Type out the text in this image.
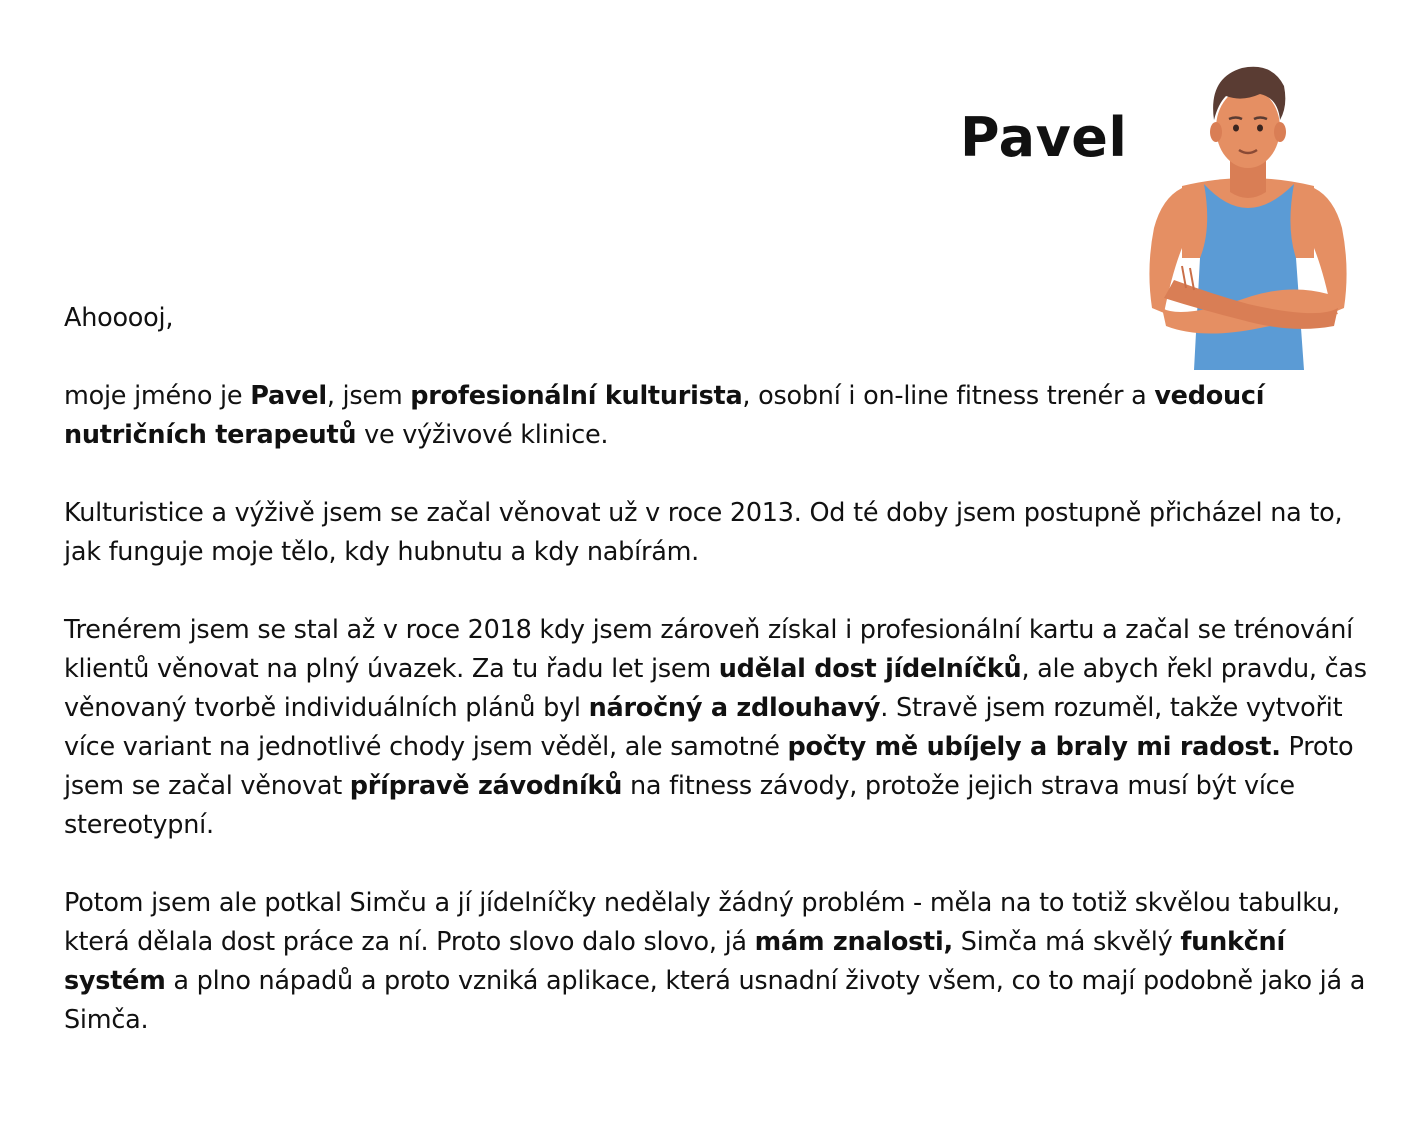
Pavel

Ahooooj,

moje jméno je Pavel, jsem profesionální kulturista, osobní i on-line fitness trenér a vedoucí nutričních terapeutů ve výživové klinice.

Kulturistice a výživě jsem se začal věnovat už v roce 2013. Od té doby jsem postupně přicházel na to, jak funguje moje tělo, kdy hubnutu a kdy nabírám.

Trenérem jsem se stal až v roce 2018 kdy jsem zároveň získal i profesionální kartu a začal se trénování klientů věnovat na plný úvazek. Za tu řadu let jsem udělal dost jídelníčků, ale abych řekl pravdu, čas věnovaný tvorbě individuálních plánů byl náročný a zdlouhavý. Stravě jsem rozuměl, takže vytvořit více variant na jednotlivé chody jsem věděl, ale samotné počty mě ubíjely a braly mi radost. Proto jsem se začal věnovat přípravě závodníků na fitness závody, protože jejich strava musí být více stereotypní.

Potom jsem ale potkal Simču a jí jídelníčky nedělaly žádný problém - měla na to totiž skvělou tabulku, která dělala dost práce za ní. Proto slovo dalo slovo, já mám znalosti, Simča má skvělý funkční systém a plno nápadů a proto vzniká aplikace, která usnadní životy všem, co to mají podobně jako já a Simča.
